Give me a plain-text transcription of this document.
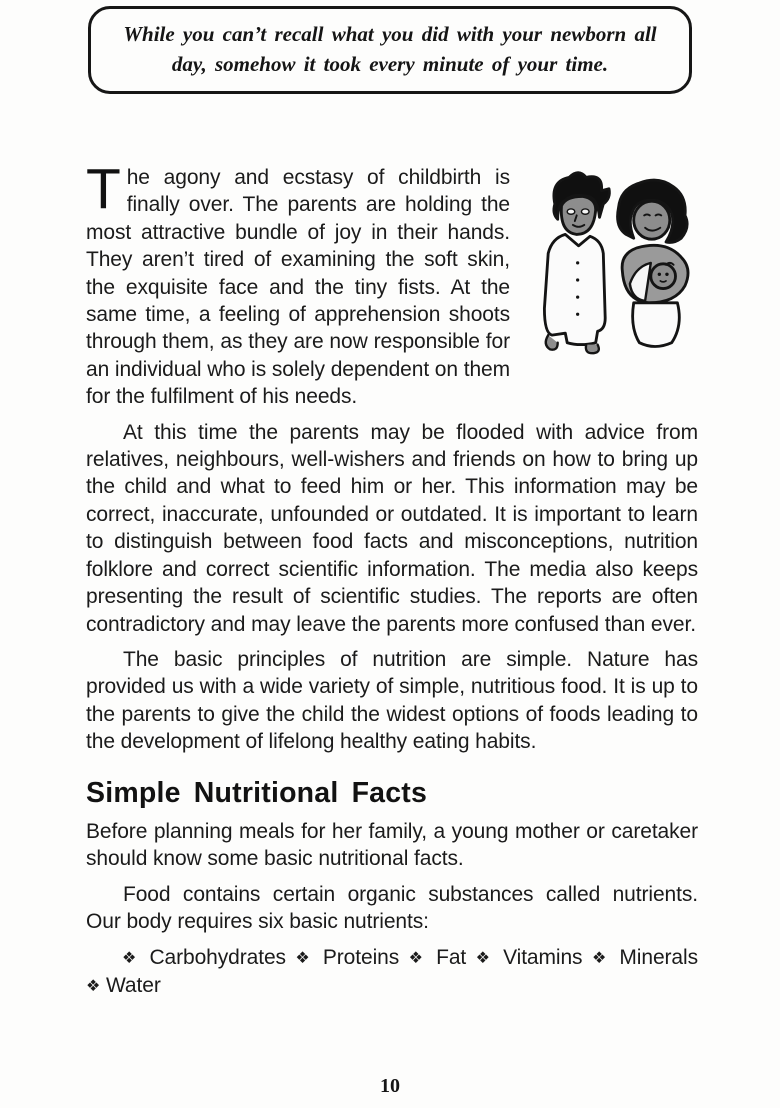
While you can’t recall what you did with your newborn all day, somehow it took every minute of your time.

The agony and ecstasy of childbirth is finally over. The parents are holding the most attractive bundle of joy in their hands. They aren’t tired of examining the soft skin, the exquisite face and the tiny fists. At the same time, a feeling of apprehension shoots through them, as they are now responsible for an individual who is solely dependent on them for the fulfilment of his needs.

At this time the parents may be flooded with advice from relatives, neighbours, well-wishers and friends on how to bring up the child and what to feed him or her. This information may be correct, inaccurate, unfounded or outdated. It is important to learn to distinguish between food facts and misconceptions, nutrition folklore and correct scientific information. The media also keeps presenting the result of scientific studies. The reports are often contradictory and may leave the parents more confused than ever.

The basic principles of nutrition are simple. Nature has provided us with a wide variety of simple, nutritious food. It is up to the parents to give the child the widest options of foods leading to the development of lifelong healthy eating habits.

Simple Nutritional Facts

Before planning meals for her family, a young mother or caretaker should know some basic nutritional facts.

Food contains certain organic substances called nutrients. Our body requires six basic nutrients:

❖ Carbohydrates ❖ Proteins ❖ Fat ❖ Vitamins ❖ Minerals ❖ Water

10
